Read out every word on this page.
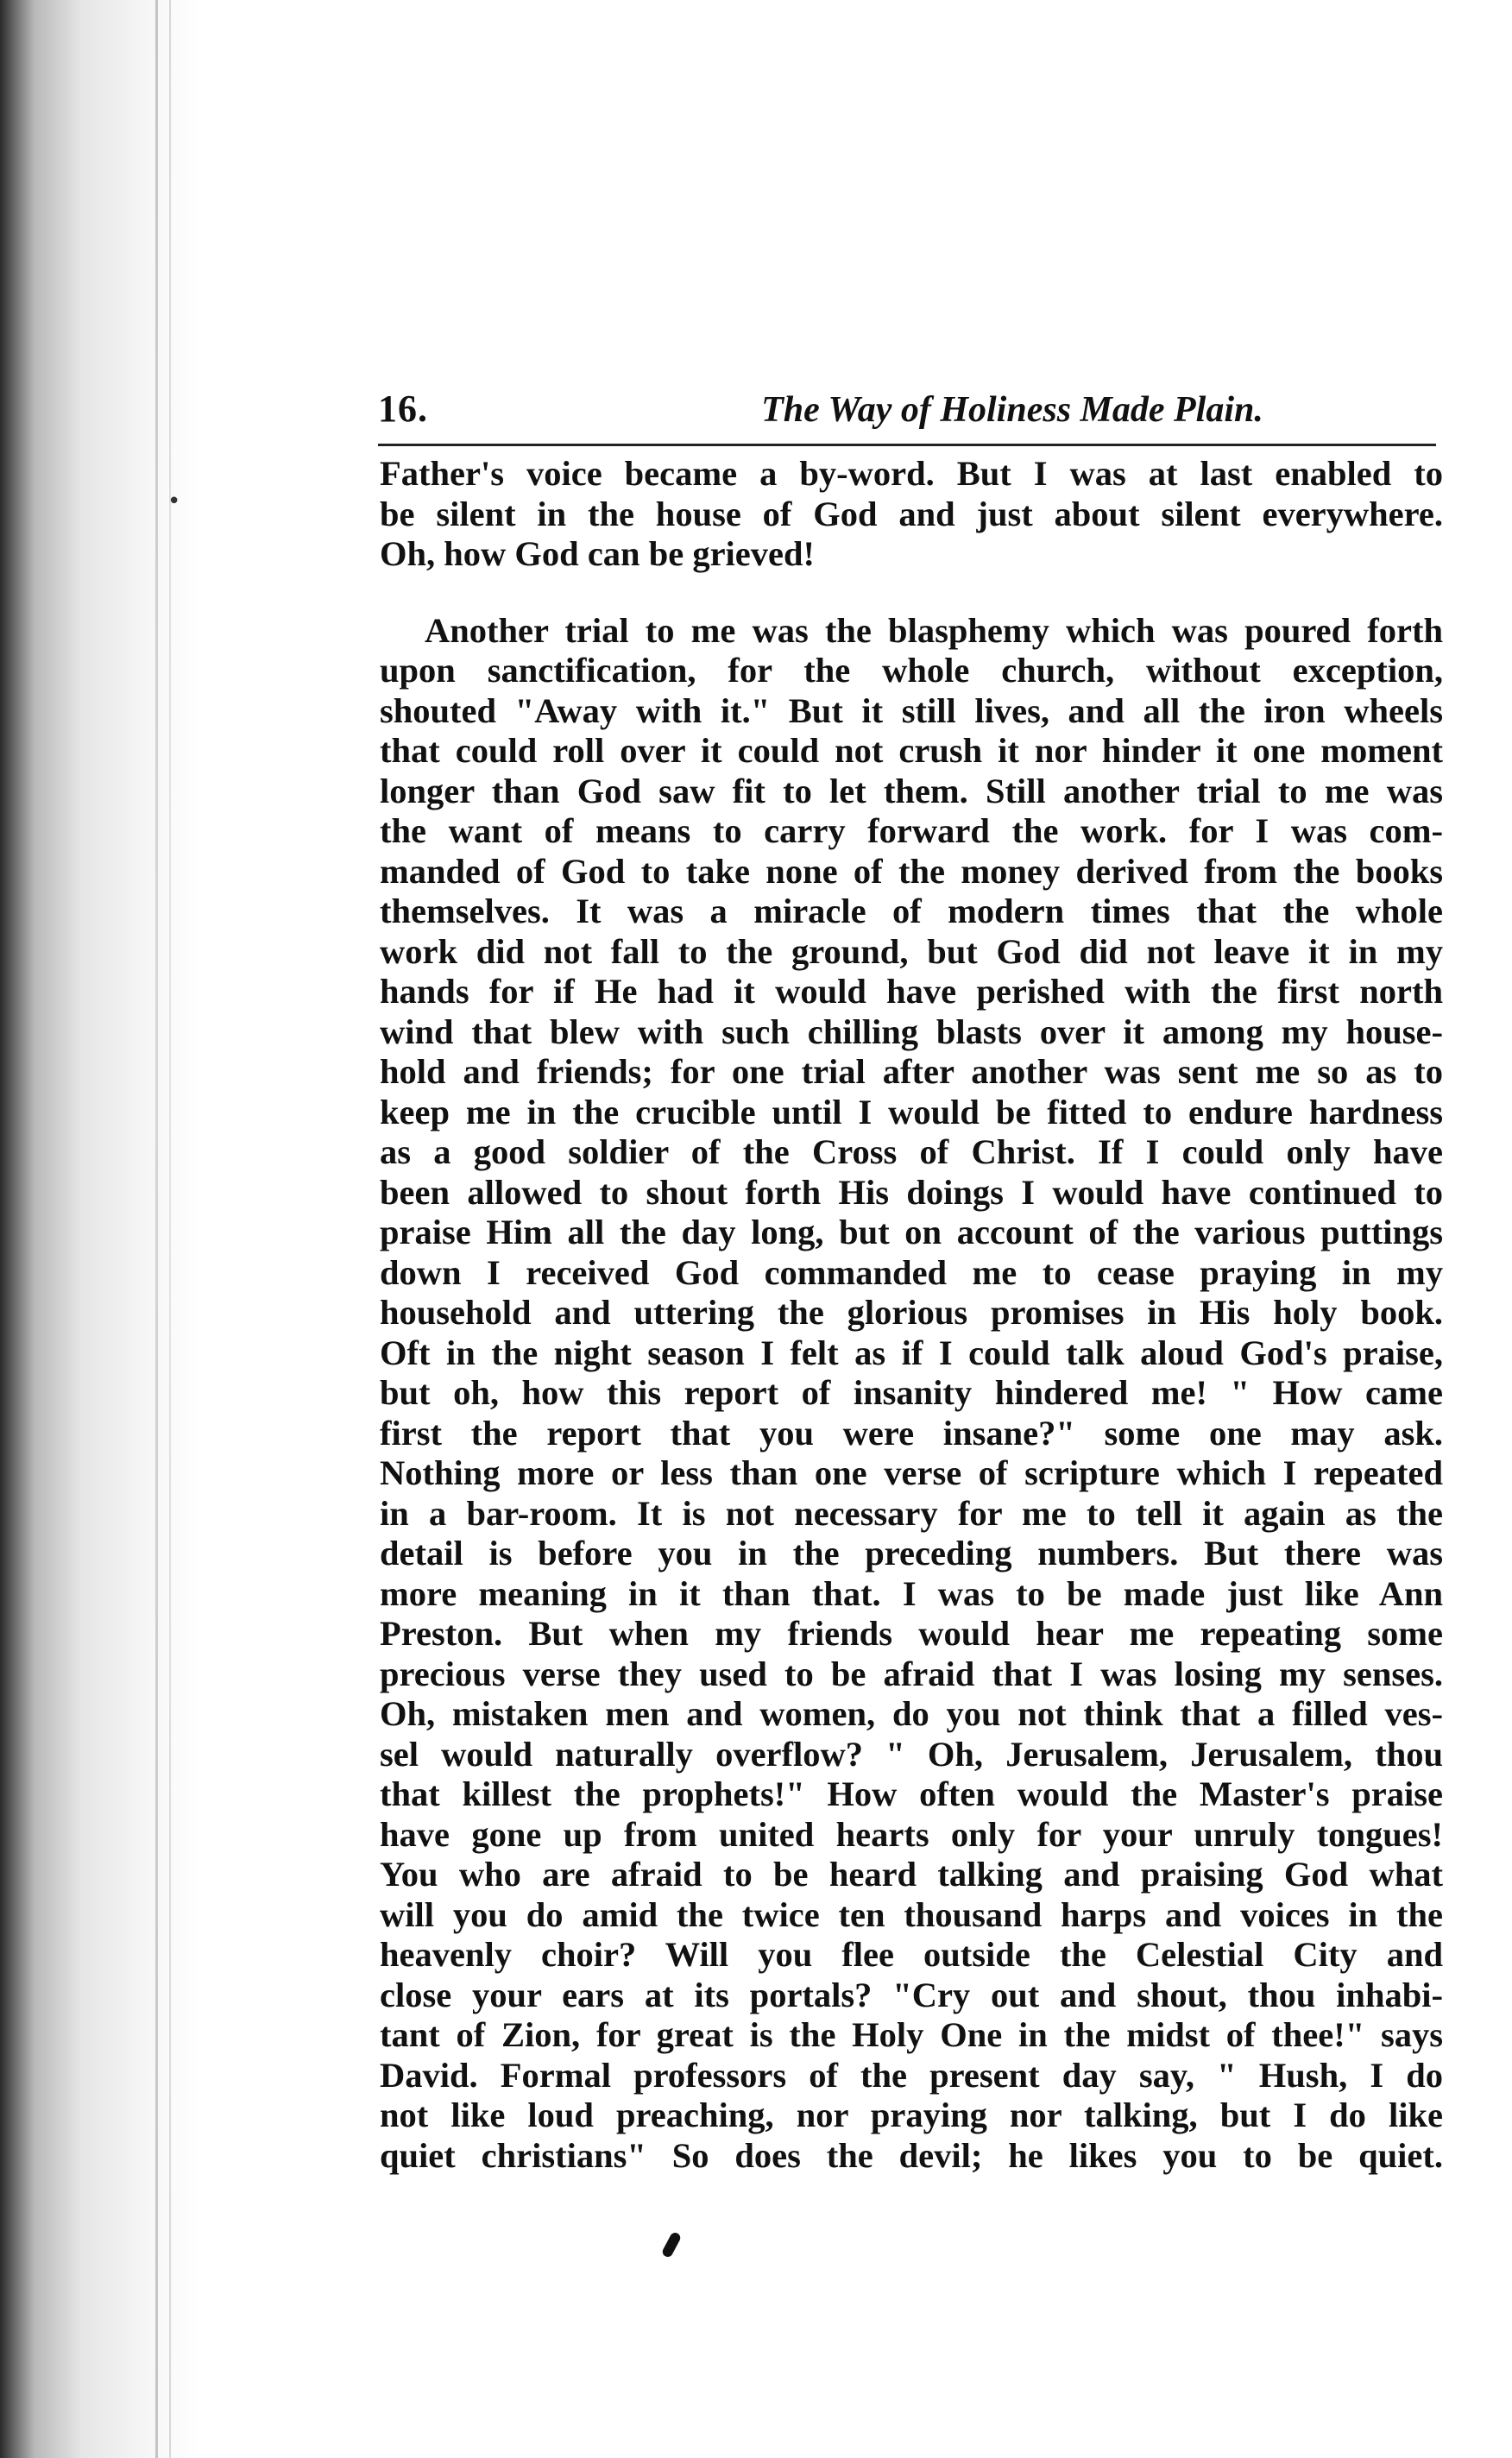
•
16.	The Way of Holiness Made Plain.
Father's voice became a by-word. But I was at last enabled to
be silent in the house of God and just about silent everywhere.
Oh, how God can be grieved!
Another trial to me was the blasphemy which was poured forth
upon sanctification, for the whole church, without exception,
shouted "Away with it." But it still lives, and all the iron wheels
that could roll over it could not crush it nor hinder it one moment
longer than God saw fit to let them. Still another trial to me was
the want of means to carry forward the work. for I was com-
manded of God to take none of the money derived from the books
themselves. It was a miracle of modern times that the whole
work did not fall to the ground, but God did not leave it in my
hands for if He had it would have perished with the first north
wind that blew with such chilling blasts over it among my house-
hold and friends; for one trial after another was sent me so as to
keep me in the crucible until I would be fitted to endure hardness
as a good soldier of the Cross of Christ. If I could only have
been allowed to shout forth His doings I would have continued to
praise Him all the day long, but on account of the various puttings
down I received God commanded me to cease praying in my
household and uttering the glorious promises in His holy book.
Oft in the night season I felt as if I could talk aloud God's praise,
but oh, how this report of insanity hindered me! " How came
first the report that you were insane?" some one may ask.
Nothing more or less than one verse of scripture which I repeated
in a bar-room. It is not necessary for me to tell it again as the
detail is before you in the preceding numbers. But there was
more meaning in it than that. I was to be made just like Ann
Preston. But when my friends would hear me repeating some
precious verse they used to be afraid that I was losing my senses.
Oh, mistaken men and women, do you not think that a filled ves-
sel would naturally overflow? " Oh, Jerusalem, Jerusalem, thou
that killest the prophets!" How often would the Master's praise
have gone up from united hearts only for your unruly tongues!
You who are afraid to be heard talking and praising God what
will you do amid the twice ten thousand harps and voices in the
heavenly choir? Will you flee outside the Celestial City and
close your ears at its portals? "Cry out and shout, thou inhabi-
tant of Zion, for great is the Holy One in the midst of thee!" says
David. Formal professors of the present day say, " Hush, I do
not like loud preaching, nor praying nor talking, but I do like
quiet christians" So does the devil; he likes you to be quiet.
